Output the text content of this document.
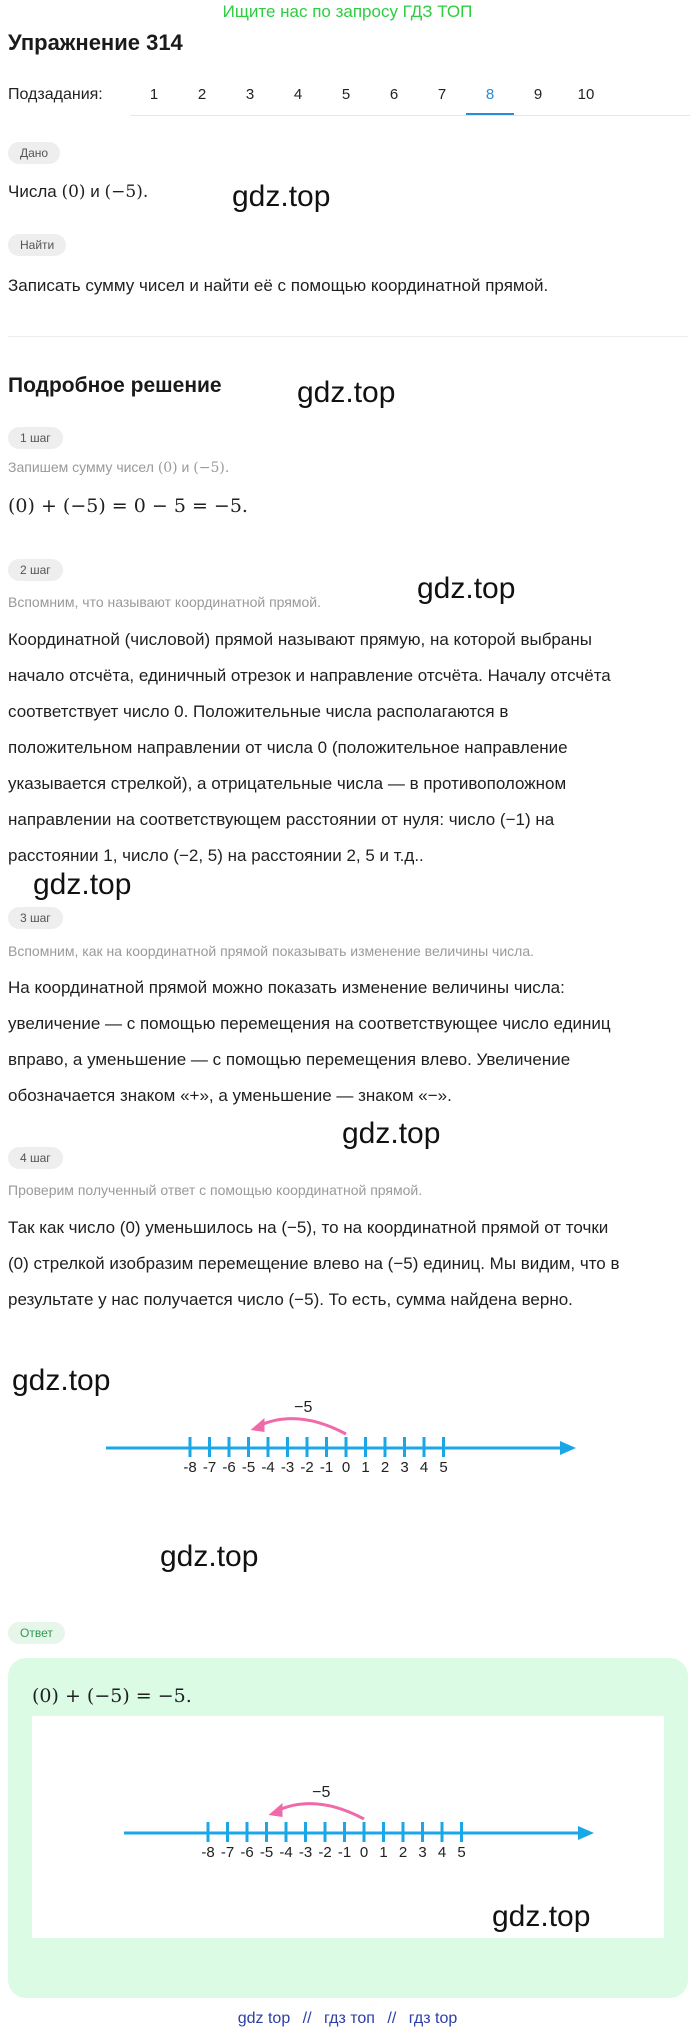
Ищите нас по запросу ГДЗ ТОП
Упражнение 314
Подзадания:	1	2	3	4	5	6	7	8	9	10
Дано
Числа (0) и (−5).	gdz.top
Найти
Записать сумму чисел и найти её с помощью координатной прямой.
Подробное решение	gdz.top
1 шаг
Запишем сумму чисел (0) и (−5).
(0) + (−5) = 0 − 5 = −5.
2 шаг
gdz.top
Вспомним, что называют координатной прямой.
Координатной (числовой) прямой называют прямую, на которой выбраны
начало отсчёта, единичный отрезок и направление отсчёта. Началу отсчёта
соответствует число 0. Положительные числа располагаются в
положительном направлении от числа 0 (положительное направление
указывается стрелкой), а отрицательные числа — в противоположном
направлении на соответствующем расстоянии от нуля: число (−1) на
расстоянии 1, число (−2, 5) на расстоянии 2, 5 и т.д..
gdz.top
3 шаг
Вспомним, как на координатной прямой показывать изменение величины числа.
На координатной прямой можно показать изменение величины числа:
увеличение — с помощью перемещения на соответствующее число единиц
вправо, а уменьшение — с помощью перемещения влево. Увеличение
обозначается знаком «+», а уменьшение — знаком «−».
gdz.top
4 шаг
Проверим полученный ответ с помощью координатной прямой.
Так как число (0) уменьшилось на (−5), то на координатной прямой от точки
(0) стрелкой изобразим перемещение влево на (−5) единиц. Мы видим, что в
результате у нас получается число (−5). То есть, сумма найдена верно.
gdz.top
-8 -7 -6 -5 -4 -3 -2 -1 0 1 2 3 4 5
−5
gdz.top
Ответ
(0) + (−5) = −5.
-8 -7 -6 -5 -4 -3 -2 -1 0 1 2 3 4 5
−5
gdz.top
gdz top // гдз топ // гдз top
